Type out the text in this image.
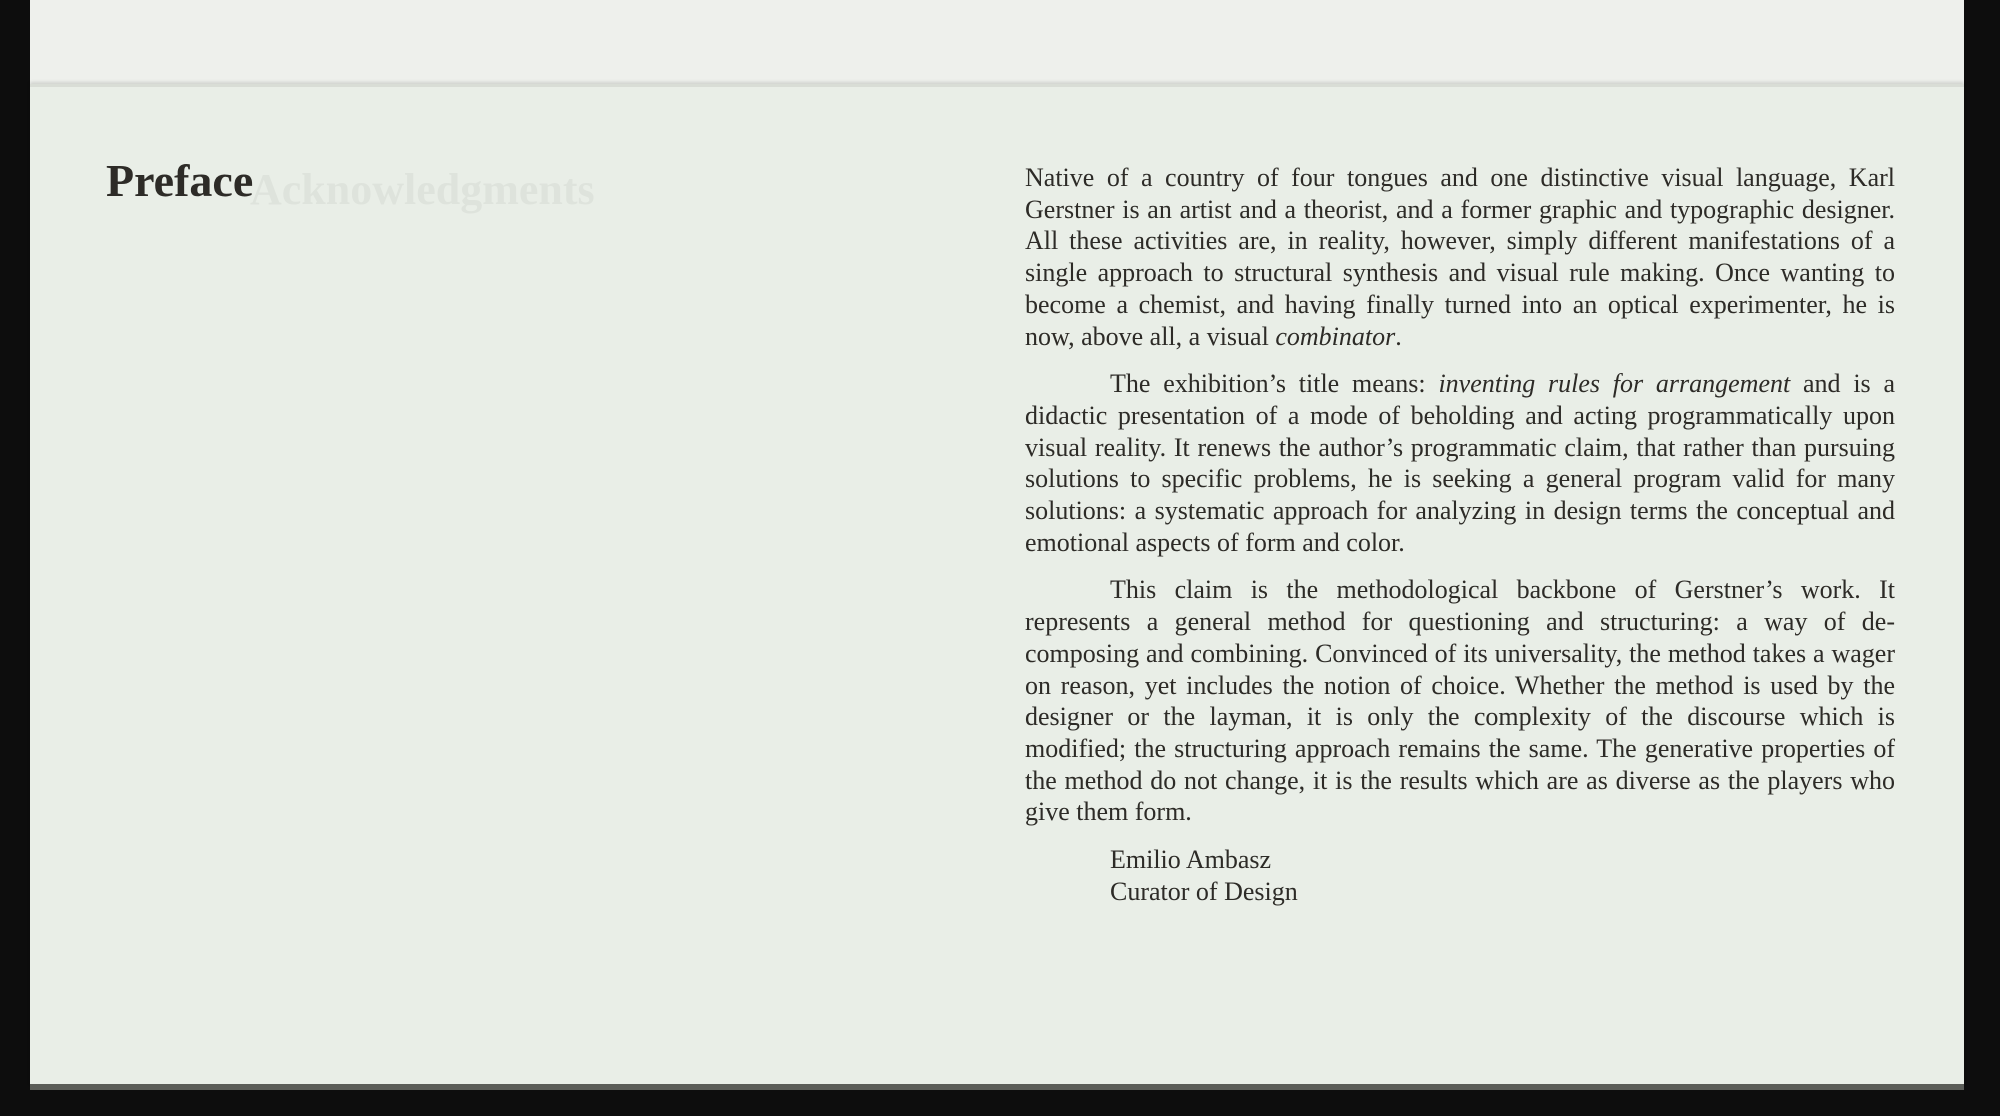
Acknowledgments
Preface	Native of a country of four tongues and one distinctive visual language, Karl Gerstner is an artist and a theorist, and a former graphic and typographic designer. All these activities are, in reality, however, simply different manifestations of a single approach to structural synthesis and visual rule making. Once wanting to become a chemist, and having finally turned into an optical experimenter, he is now, above all, a visual combinator.

The exhibition’s title means: inventing rules for arrangement and is a didactic presentation of a mode of beholding and acting programmatically upon visual reality. It renews the author’s programmatic claim, that rather than pursuing solutions to specific problems, he is seeking a general program valid for many solutions: a systematic approach for analyzing in design terms the conceptual and emotional aspects of form and color.

This claim is the methodological backbone of Gerstner’s work. It represents a general method for questioning and structuring: a way of de-composing and combining. Convinced of its universality, the method takes a wager on reason, yet includes the notion of choice. Whether the method is used by the designer or the layman, it is only the complexity of the discourse which is modified; the structuring approach remains the same. The generative properties of the method do not change, it is the results which are as diverse as the players who give them form.

Emilio Ambasz
Curator of Design
